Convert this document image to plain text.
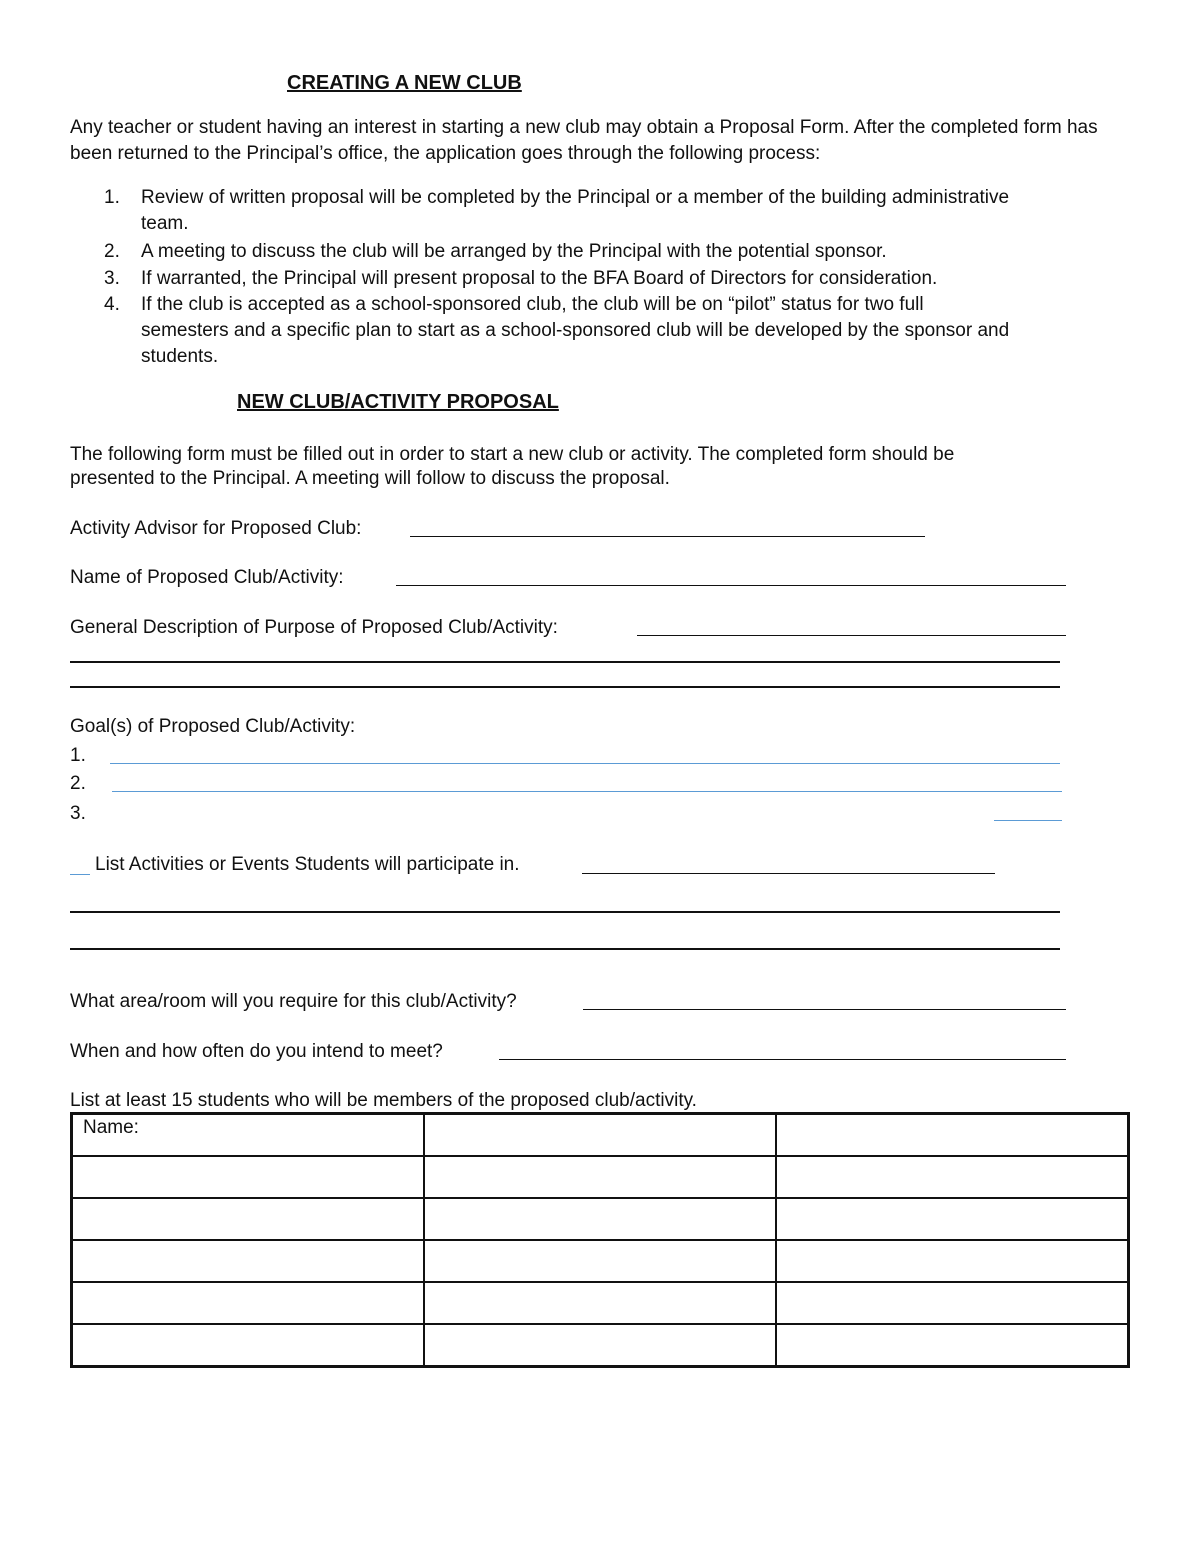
CREATING A NEW CLUB
Any teacher or student having an interest in starting a new club may obtain a Proposal Form. After the completed form has been returned to the Principal’s office, the application goes through the following process:
1. Review of written proposal will be completed by the Principal or a member of the building administrative
team.
2. A meeting to discuss the club will be arranged by the Principal with the potential sponsor.
3. If warranted, the Principal will present proposal to the BFA Board of Directors for consideration.
4. If the club is accepted as a school-sponsored club, the club will be on “pilot” status for two full
semesters and a specific plan to start as a school-sponsored club will be developed by the sponsor and
students.
NEW CLUB/ACTIVITY PROPOSAL
The following form must be filled out in order to start a new club or activity. The completed form should be
presented to the Principal. A meeting will follow to discuss the proposal.
Activity Advisor for Proposed Club:
Name of Proposed Club/Activity:
General Description of Purpose of Proposed Club/Activity:
Goal(s) of Proposed Club/Activity:
1.
2.
3.
List Activities or Events Students will participate in.
What area/room will you require for this club/Activity?
When and how often do you intend to meet?
List at least 15 students who will be members of the proposed club/activity.
Name:		
